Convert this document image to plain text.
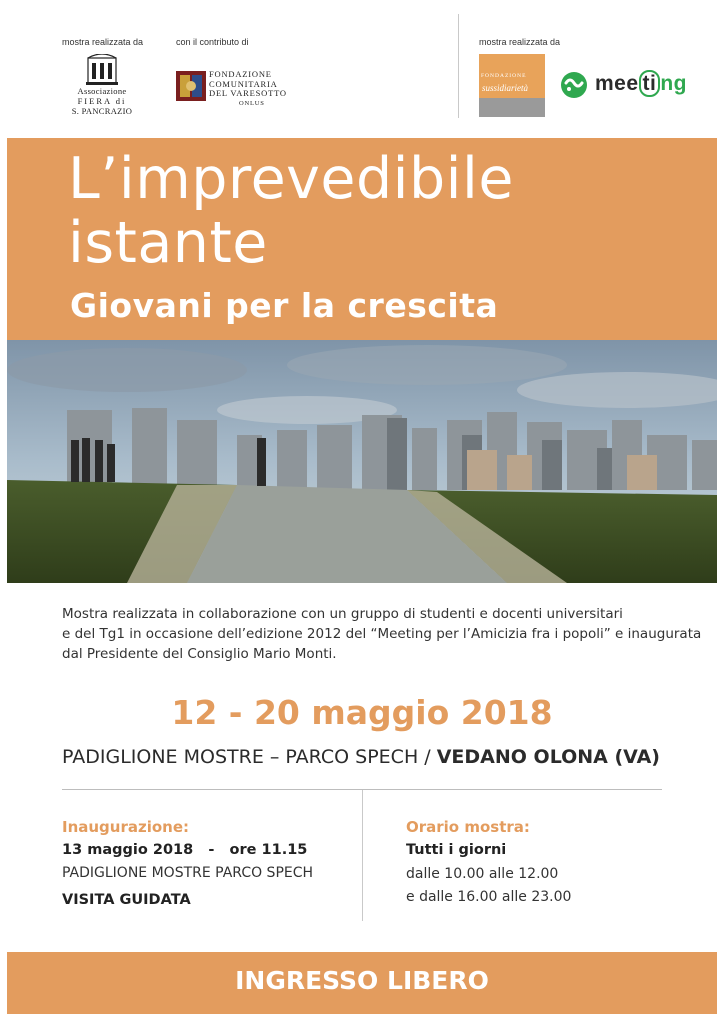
mostra realizzata da	con il contributo di	mostra realizzata da
Associazione
FIERA di
S. PANCRAZIO
FONDAZIONE
COMUNITARIA
DEL VARESOTTO
ONLUS
FONDAZIONE
sussidiarietà	mee ti ng
L’imprevedibile
istante
Giovani per la crescita
Mostra realizzata in collaborazione con un gruppo di studenti e docenti universitari
e del Tg1 in occasione dell’edizione 2012 del “Meeting per l’Amicizia fra i popoli” e inaugurata
dal Presidente del Consiglio Mario Monti.
12 - 20 maggio 2018
PADIGLIONE MOSTRE – PARCO SPECH / VEDANO OLONA (VA)
Inaugurazione:
13 maggio 2018   -   ore 11.15
PADIGLIONE MOSTRE PARCO SPECH
VISITA GUIDATA
Orario mostra:
Tutti i giorni
dalle 10.00 alle 12.00
e dalle 16.00 alle 23.00
INGRESSO LIBERO
